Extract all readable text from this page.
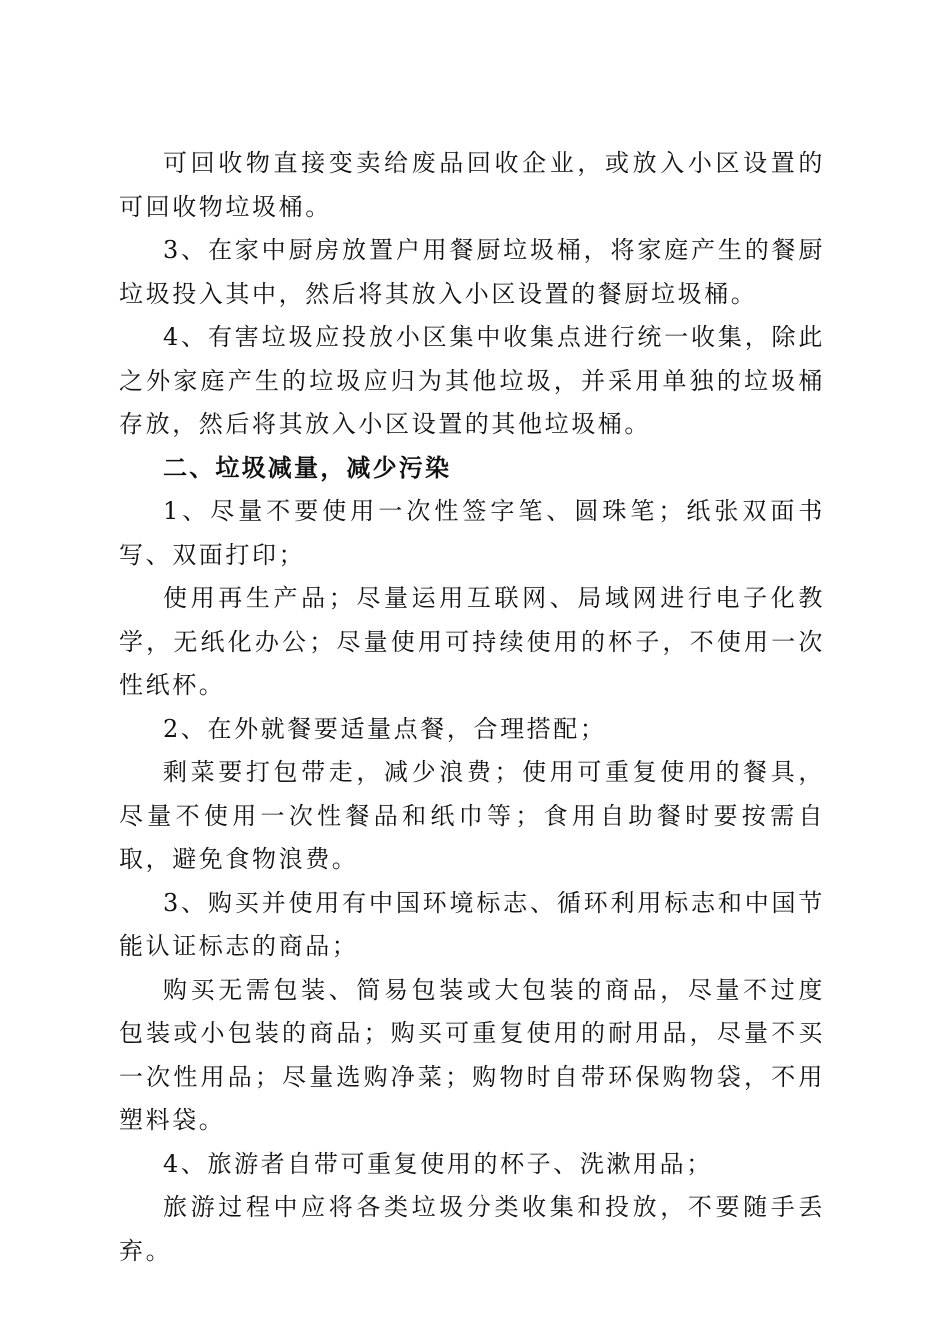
可回收物直接变卖给废品回收企业，或放入小区设置的可回收物垃圾桶。

3、在家中厨房放置户用餐厨垃圾桶，将家庭产生的餐厨垃圾投入其中，然后将其放入小区设置的餐厨垃圾桶。

4、有害垃圾应投放小区集中收集点进行统一收集，除此之外家庭产生的垃圾应归为其他垃圾，并采用单独的垃圾桶存放，然后将其放入小区设置的其他垃圾桶。

二、垃圾减量，减少污染

1、尽量不要使用一次性签字笔、圆珠笔；纸张双面书写、双面打印；

使用再生产品；尽量运用互联网、局域网进行电子化教学，无纸化办公；尽量使用可持续使用的杯子，不使用一次性纸杯。

2、在外就餐要适量点餐，合理搭配；

剩菜要打包带走，减少浪费；使用可重复使用的餐具，尽量不使用一次性餐品和纸巾等；食用自助餐时要按需自取，避免食物浪费。

3、购买并使用有中国环境标志、循环利用标志和中国节能认证标志的商品；

购买无需包装、简易包装或大包装的商品，尽量不过度包装或小包装的商品；购买可重复使用的耐用品，尽量不买一次性用品；尽量选购净菜；购物时自带环保购物袋，不用塑料袋。

4、旅游者自带可重复使用的杯子、洗漱用品；

旅游过程中应将各类垃圾分类收集和投放，不要随手丢弃。
